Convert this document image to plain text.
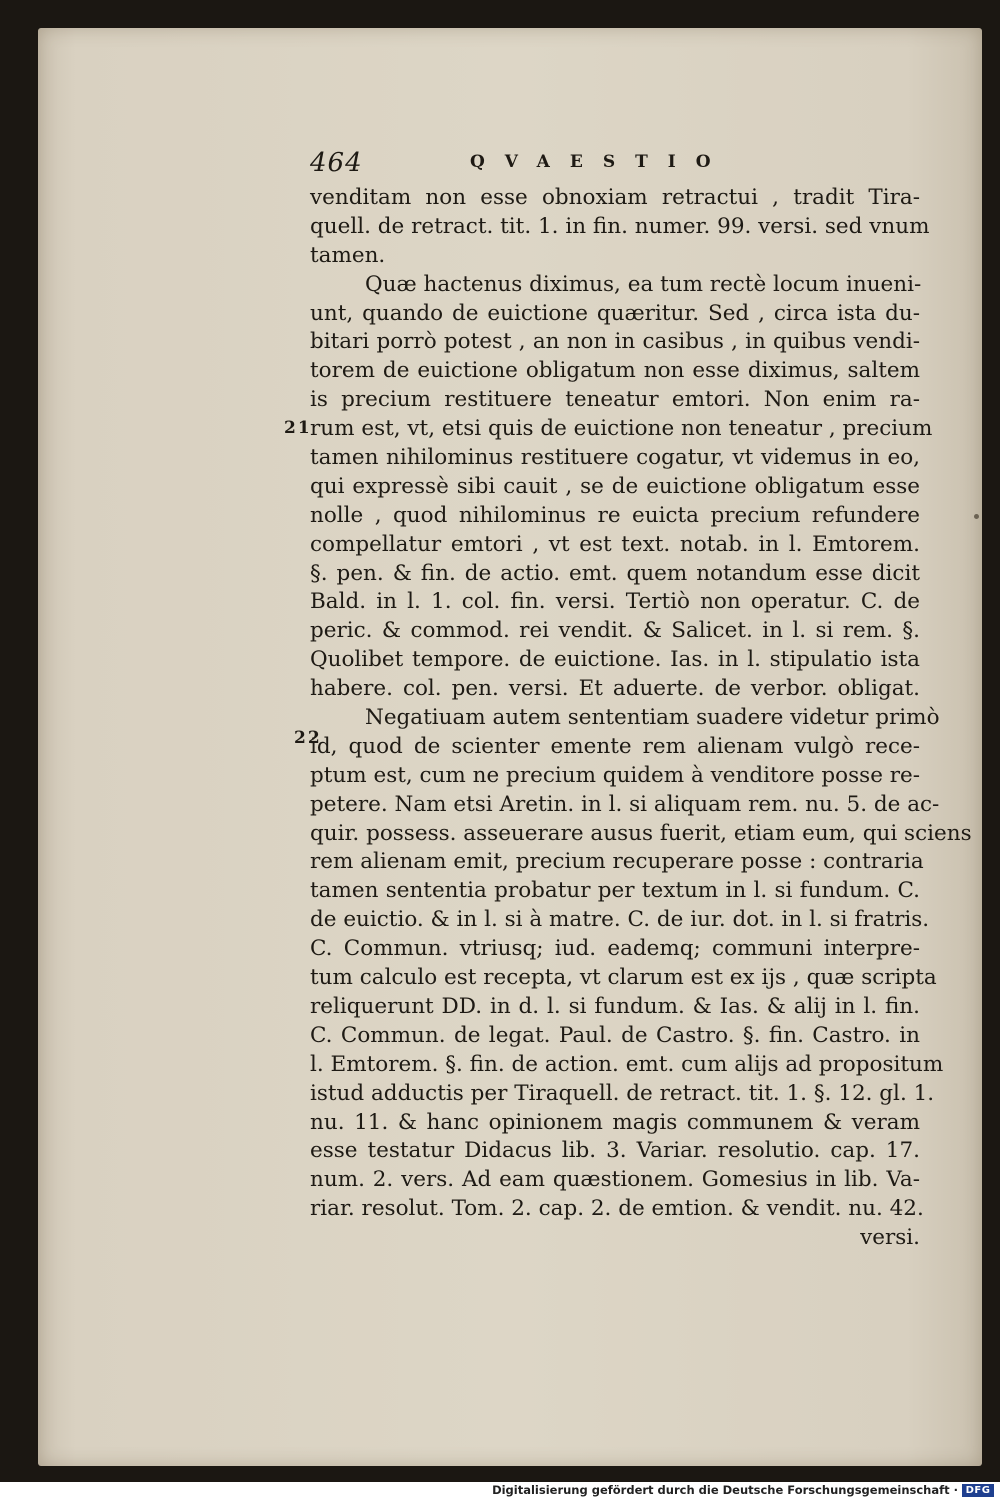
21
22
464	QVAESTIO
venditam non esse obnoxiam retractui , tradit Tira-
quell. de retract. tit. 1. in fin. numer. 99. versi. sed vnum
tamen.
Quæ hactenus diximus, ea tum rectè locum inueni-
unt, quando de euictione quæritur. Sed , circa ista du-
bitari porrò potest , an non in casibus , in quibus vendi-
torem de euictione obligatum non esse diximus, saltem
is precium restituere teneatur emtori. Non enim ra-
rum est, vt, etsi quis de euictione non teneatur , precium
tamen nihilominus restituere cogatur, vt videmus in eo,
qui expressè sibi cauit , se de euictione obligatum esse
nolle , quod nihilominus re euicta precium refundere
compellatur emtori , vt est text. notab. in l. Emtorem.
§. pen. & fin. de actio. emt. quem notandum esse dicit
Bald. in l. 1. col. fin. versi. Tertiò non operatur. C. de
peric. & commod. rei vendit. & Salicet. in l. si rem. §.
Quolibet tempore. de euictione. Ias. in l. stipulatio ista
habere. col. pen. versi. Et aduerte. de verbor. obligat.
Negatiuam autem sententiam suadere videtur primò
id, quod de scienter emente rem alienam vulgò rece-
ptum est, cum ne precium quidem à venditore posse re-
petere. Nam etsi Aretin. in l. si aliquam rem. nu. 5. de ac-
quir. possess. asseuerare ausus fuerit, etiam eum, qui sciens
rem alienam emit, precium recuperare posse : contraria
tamen sententia probatur per textum in l. si fundum. C.
de euictio. & in l. si à matre. C. de iur. dot. in l. si fratris.
C. Commun. vtriusq; iud. eademq; communi interpre-
tum calculo est recepta, vt clarum est ex ijs , quæ scripta
reliquerunt DD. in d. l. si fundum. & Ias. & alij in l. fin.
C. Commun. de legat. Paul. de Castro. §. fin. Castro. in
l. Emtorem. §. fin. de action. emt. cum alijs ad propositum
istud adductis per Tiraquell. de retract. tit. 1. §. 12. gl. 1.
nu. 11. & hanc opinionem magis communem & veram
esse testatur Didacus lib. 3. Variar. resolutio. cap. 17.
num. 2. vers. Ad eam quæstionem. Gomesius in lib. Va-
riar. resolut. Tom. 2. cap. 2. de emtion. & vendit. nu. 42.
versi.
Digitalisierung gefördert durch die Deutsche Forschungsgemeinschaft · DFG
